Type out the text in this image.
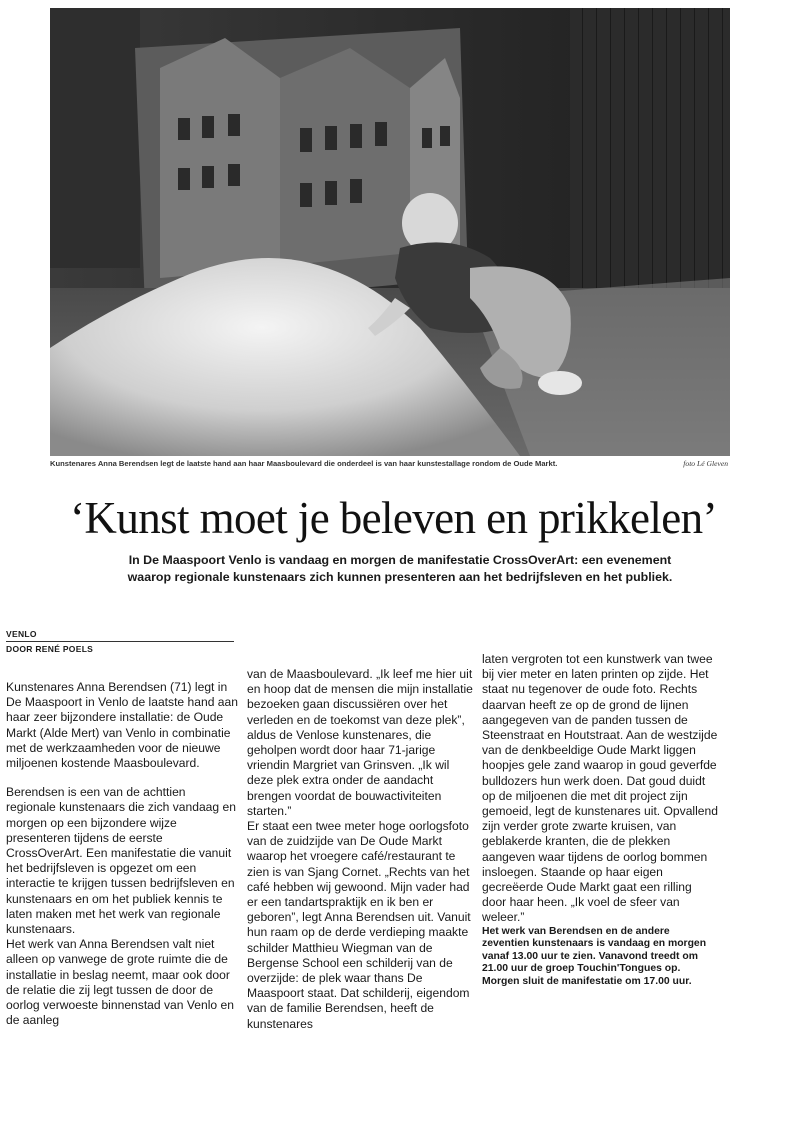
Kunstenares Anna Berendsen legt de laatste hand aan haar Maasboulevard die onderdeel is van haar kunstestallage rondom de Oude Markt.	foto Lé Gleven
‘Kunst moet je beleven en prikkelen’
In De Maaspoort Venlo is vandaag en morgen de manifestatie CrossOverArt: een evenement waarop regionale kunstenaars zich kunnen presenteren aan het bedrijfsleven en het publiek.
VENLO
DOOR RENÉ POELS

Kunstenares Anna Berendsen (71) legt in De Maaspoort in Venlo de laatste hand aan haar zeer bijzondere installatie: de Oude Markt (Alde Mert) van Venlo in combinatie met de werkzaamheden voor de nieuwe miljoenen kostende Maasboulevard.

Berendsen is een van de achttien regionale kunstenaars die zich vandaag en morgen op een bijzondere wijze presenteren tijdens de eerste CrossOverArt. Een manifestatie die vanuit het bedrijfsleven is opgezet om een interactie te krijgen tussen bedrijfsleven en kunstenaars en om het publiek kennis te laten maken met het werk van regionale kunstenaars.

Het werk van Anna Berendsen valt niet alleen op vanwege de grote ruimte die de installatie in beslag neemt, maar ook door de relatie die zij legt tussen de door de oorlog verwoeste binnenstad van Venlo en de aanleg

van de Maasboulevard. „Ik leef me hier uit en hoop dat de mensen die mijn installatie bezoeken gaan discussiëren over het verleden en de toekomst van deze plek”, aldus de Venlose kunstenares, die geholpen wordt door haar 71-jarige vriendin Margriet van Grinsven. „Ik wil deze plek extra onder de aandacht brengen voordat de bouwactiviteiten starten.”

Er staat een twee meter hoge oorlogsfoto van de zuidzijde van De Oude Markt waarop het vroegere café/restaurant te zien is van Sjang Cornet. „Rechts van het café hebben wij gewoond. Mijn vader had er een tandartspraktijk en ik ben er geboren”, legt Anna Berendsen uit. Vanuit hun raam op de derde verdieping maakte schilder Matthieu Wiegman van de Bergense School een schilderij van de overzijde: de plek waar thans De Maaspoort staat. Dat schilderij, eigendom van de familie Berendsen, heeft de kunstenares

laten vergroten tot een kunstwerk van twee bij vier meter en laten printen op zijde. Het staat nu tegenover de oude foto. Rechts daarvan heeft ze op de grond de lijnen aangegeven van de panden tussen de Steenstraat en Houtstraat. Aan de westzijde van de denkbeeldige Oude Markt liggen hoopjes gele zand waarop in goud geverfde bulldozers hun werk doen. Dat goud duidt op de miljoenen die met dit project zijn gemoeid, legt de kunstenares uit. Opvallend zijn verder grote zwarte kruisen, van geblakerde kranten, die de plekken aangeven waar tijdens de oorlog bommen insloegen. Staande op haar eigen gecreëerde Oude Markt gaat een rilling door haar heen. „Ik voel de sfeer van weleer.”

Het werk van Berendsen en de andere zeventien kunstenaars is vandaag en morgen vanaf 13.00 uur te zien. Vanavond treedt om 21.00 uur de groep Touchin'Tongues op. Morgen sluit de manifestatie om 17.00 uur.
